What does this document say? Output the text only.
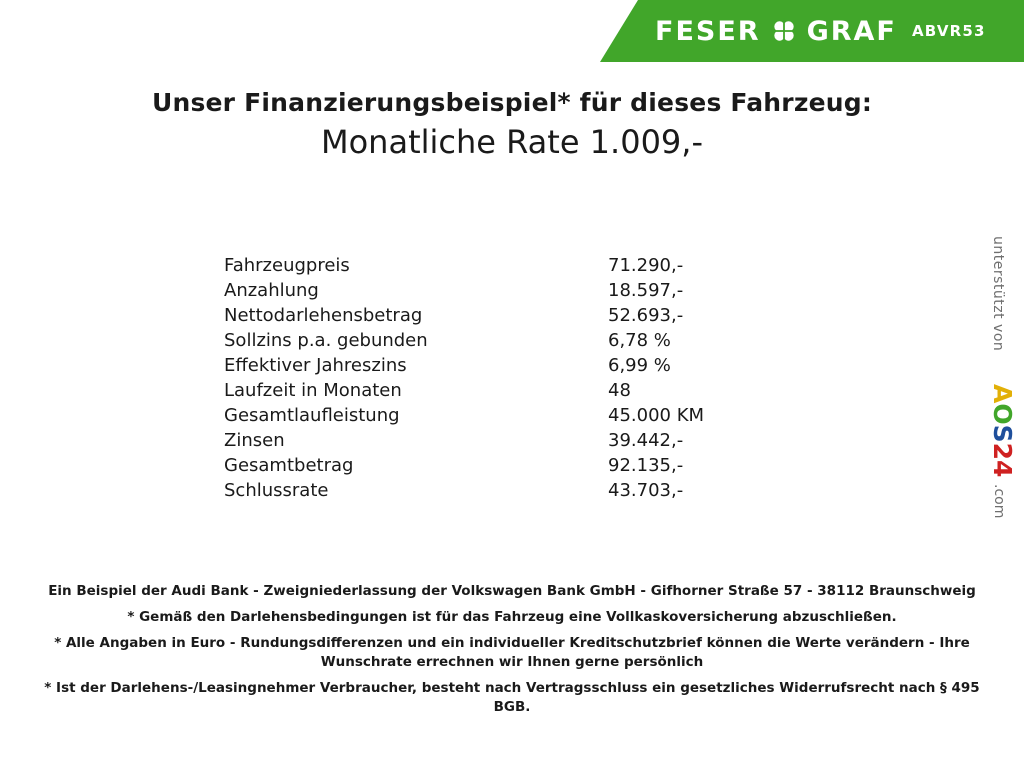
FESER GRAF ABVR53
Unser Finanzierungsbeispiel* für dieses Fahrzeug:
Monatliche Rate 1.009,-
Fahrzeugpreis	71.290,-
Anzahlung	18.597,-
Nettodarlehensbetrag	52.693,-
Sollzins p.a. gebunden	6,78 %
Effektiver Jahreszins	6,99 %
Laufzeit in Monaten	48
Gesamtlaufleistung	45.000 KM
Zinsen	39.442,-
Gesamtbetrag	92.135,-
Schlussrate	43.703,-
unterstützt von
AOS24
.com
Ein Beispiel der Audi Bank - Zweigniederlassung der Volkswagen Bank GmbH - Gifhorner Straße 57 - 38112 Braunschweig
* Gemäß den Darlehensbedingungen ist für das Fahrzeug eine Vollkaskoversicherung abzuschließen.
* Alle Angaben in Euro - Rundungsdifferenzen und ein individueller Kreditschutzbrief können die Werte verändern - Ihre Wunschrate errechnen wir Ihnen gerne persönlich
* Ist der Darlehens-/Leasingnehmer Verbraucher, besteht nach Vertragsschluss ein gesetzliches Widerrufsrecht nach § 495 BGB.
